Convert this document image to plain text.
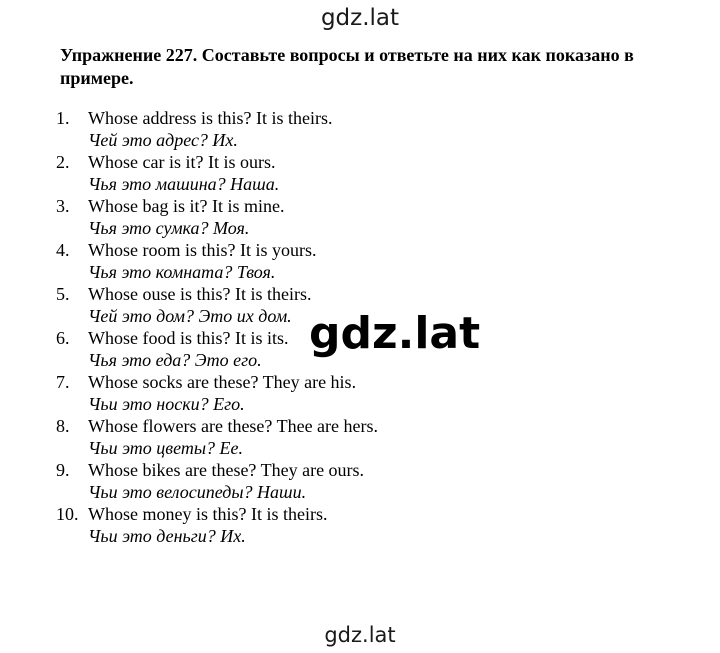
gdz.lat
Упражнение 227. Составьте вопросы и ответьте на них как показано в примере.
1. Whose address is this? It is theirs.
Чей это адрес? Их.
2. Whose car is it? It is ours.
Чья это машина? Наша.
3. Whose bag is it? It is mine.
Чья это сумка? Моя.
4. Whose room is this? It is yours.
Чья это комната? Твоя.
5. Whose ouse is this? It is theirs.
Чей это дом? Это их дом.
6. Whose food is this? It is its.
Чья это еда? Это его.
7. Whose socks are these? They are his.
Чьи это носки? Его.
8. Whose flowers are these? Thee are hers.
Чьи это цветы? Ее.
9. Whose bikes are these? They are ours.
Чьи это велосипеды? Наши.
10. Whose money is this? It is theirs.
Чьи это деньги? Их.
gdz.lat
gdz.lat
